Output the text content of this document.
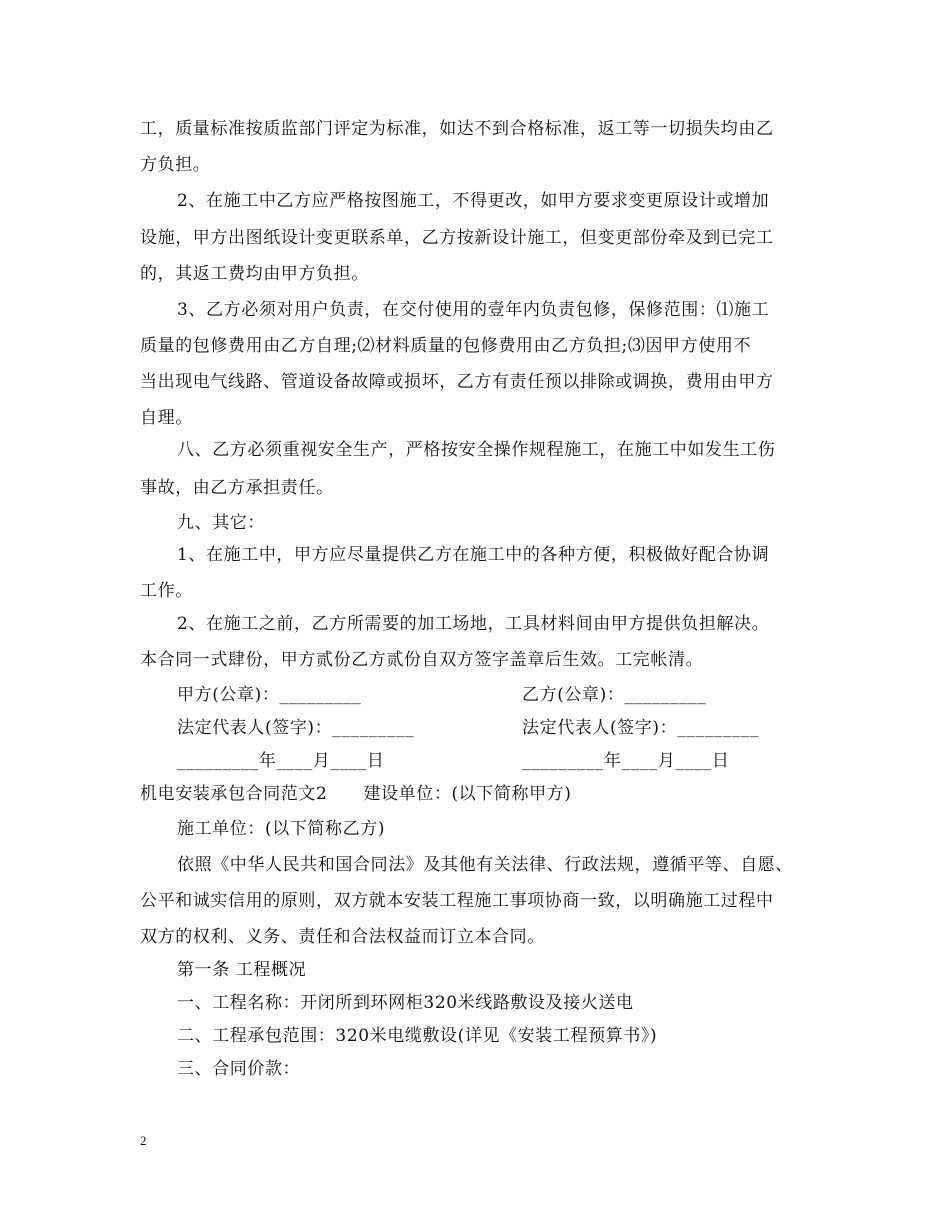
工，质量标准按质监部门评定为标准，如达不到合格标准，返工等一切损失均由乙
方负担。
2、在施工中乙方应严格按图施工，不得更改，如甲方要求变更原设计或增加
设施，甲方出图纸设计变更联系单，乙方按新设计施工，但变更部份牵及到已完工
的，其返工费均由甲方负担。
3、乙方必须对用户负责，在交付使用的壹年内负责包修，保修范围：⑴施工
质量的包修费用由乙方自理;⑵材料质量的包修费用由乙方负担;⑶因甲方使用不
当出现电气线路、管道设备故障或损坏，乙方有责任预以排除或调换，费用由甲方
自理。
八、乙方必须重视安全生产，严格按安全操作规程施工，在施工中如发生工伤
事故，由乙方承担责任。
九、其它：
1、在施工中，甲方应尽量提供乙方在施工中的各种方便，积极做好配合协调
工作。
2、在施工之前，乙方所需要的加工场地，工具材料间由甲方提供负担解决。
本合同一式肆份，甲方贰份乙方贰份自双方签字盖章后生效。工完帐清。
甲方(公章)：_________	乙方(公章)：_________
法定代表人(签字)：_________	法定代表人(签字)：_________
_________年____月____日	_________年____月____日
机电安装承包合同范文2      建设单位：(以下简称甲方)
施工单位：(以下简称乙方)
依照《中华人民共和国合同法》及其他有关法律、行政法规，遵循平等、自愿、
公平和诚实信用的原则，双方就本安装工程施工事项协商一致，以明确施工过程中
双方的权利、义务、责任和合法权益而订立本合同。
第一条 工程概况
一、工程名称：开闭所到环网柜320米线路敷设及接火送电
二、工程承包范围：320米电缆敷设(详见《安装工程预算书》)
三、合同价款：
2
